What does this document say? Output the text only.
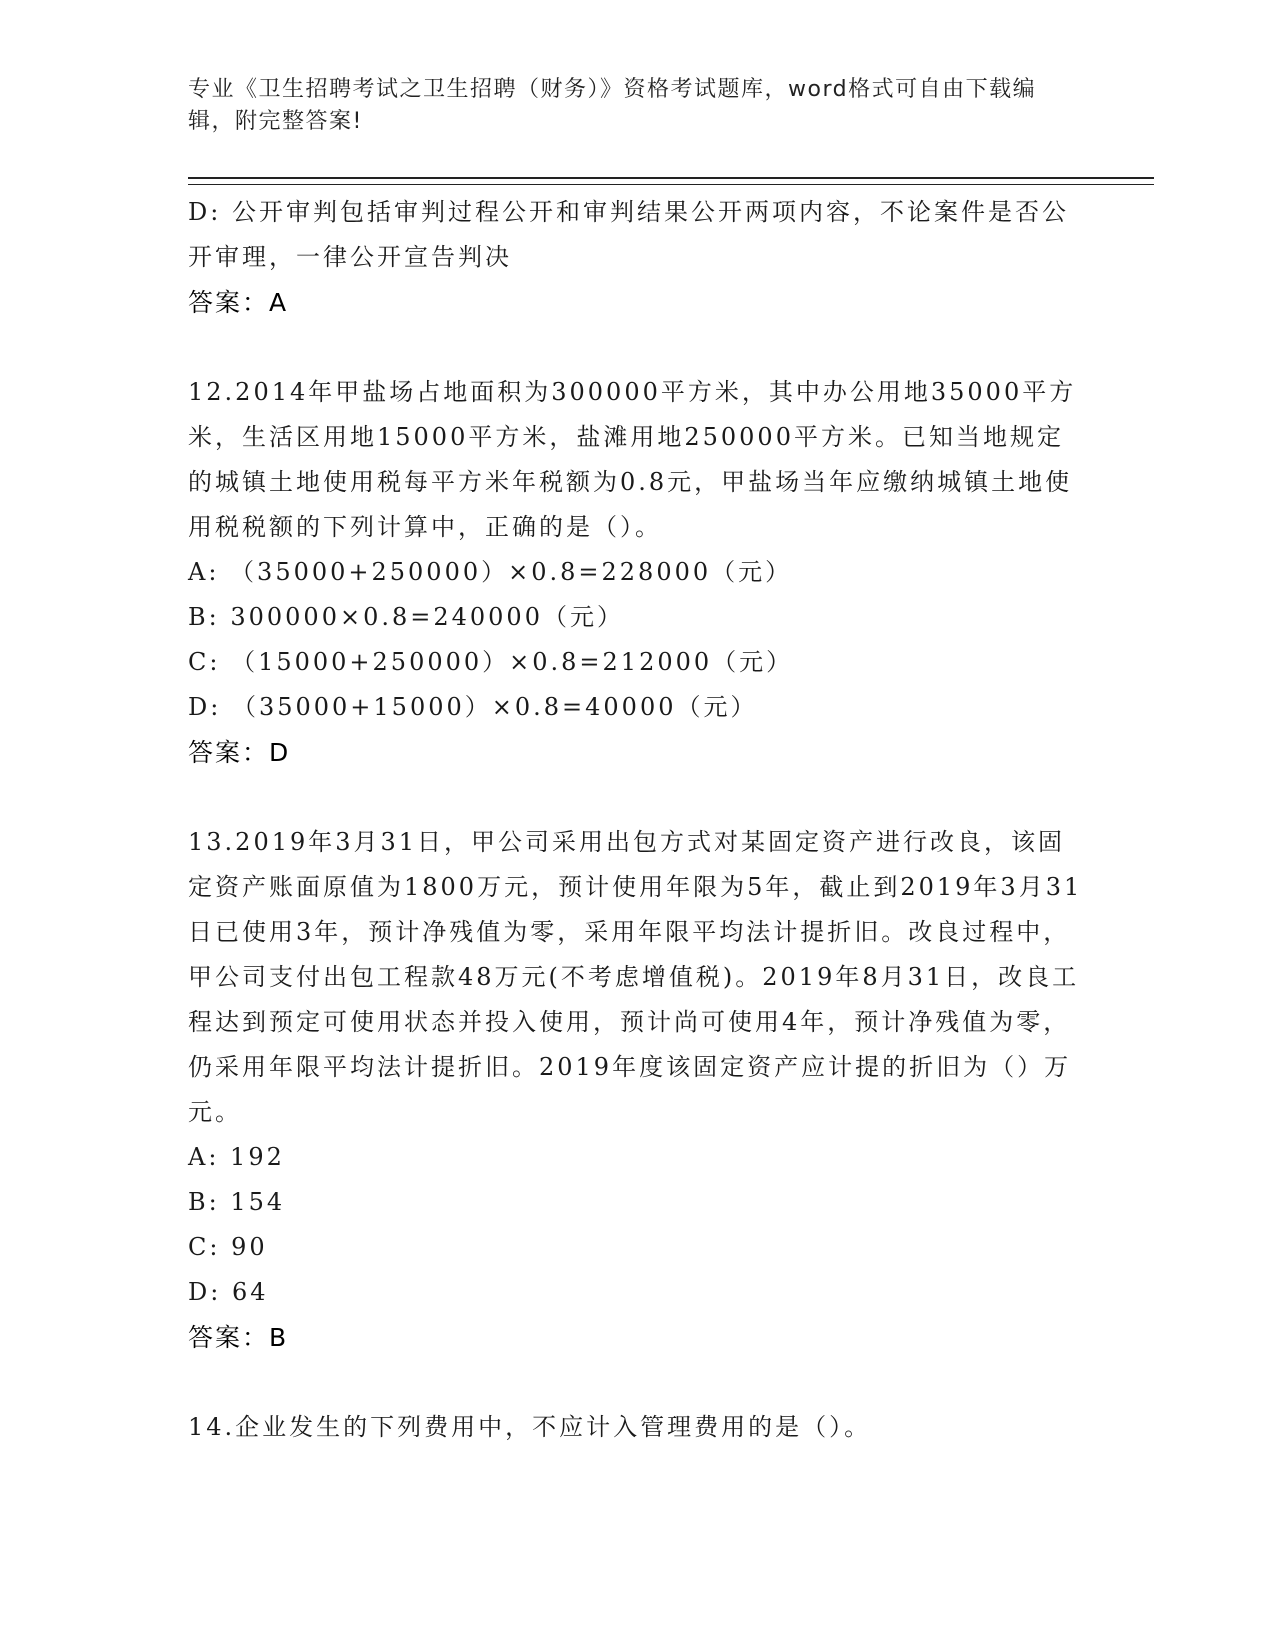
专业《卫生招聘考试之卫生招聘（财务）》资格考试题库，word格式可自由下载编辑，附完整答案!

D: 公开审判包括审判过程公开和审判结果公开两项内容，不论案件是否公开审理，一律公开宣告判决

答案：A

12.2014年甲盐场占地面积为300000平方米，其中办公用地35000平方米，生活区用地15000平方米，盐滩用地250000平方米。已知当地规定的城镇土地使用税每平方米年税额为0.8元，甲盐场当年应缴纳城镇土地使用税税额的下列计算中，正确的是（）。

A: （35000+250000）×0.8=228000（元）

B: 300000×0.8=240000（元）

C: （15000+250000）×0.8=212000（元）

D: （35000+15000）×0.8=40000（元）

答案：D

13.2019年3月31日，甲公司采用出包方式对某固定资产进行改良，该固定资产账面原值为1800万元，预计使用年限为5年，截止到2019年3月31日已使用3年，预计净残值为零，采用年限平均法计提折旧。改良过程中，甲公司支付出包工程款48万元(不考虑增值税)。2019年8月31日，改良工程达到预定可使用状态并投入使用，预计尚可使用4年，预计净残值为零，仍采用年限平均法计提折旧。2019年度该固定资产应计提的折旧为（）万元。

A: 192

B: 154

C: 90

D: 64

答案：B

14.企业发生的下列费用中，不应计入管理费用的是（）。
